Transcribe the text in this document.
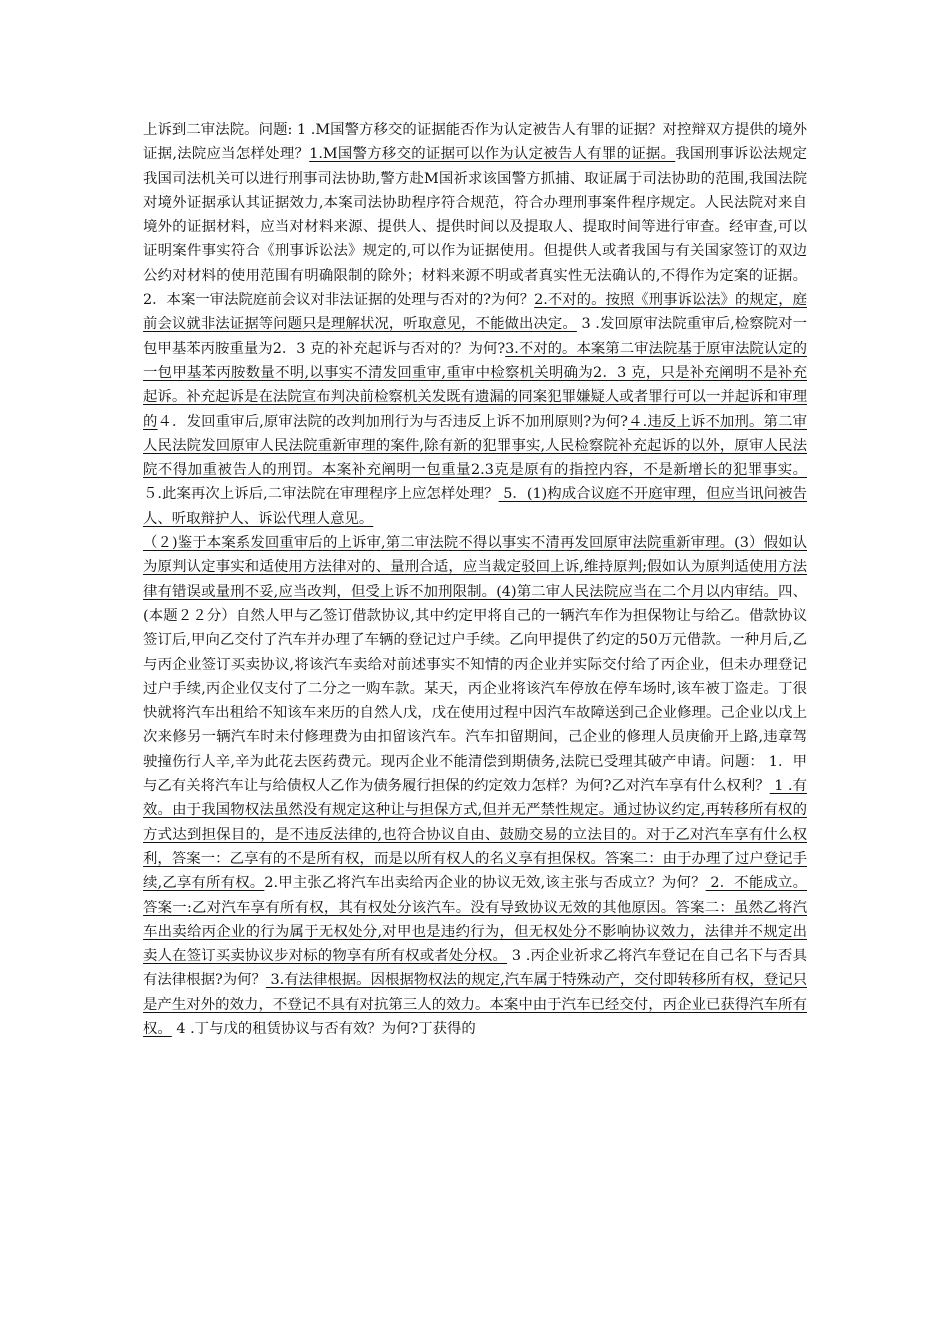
上诉到二审法院。问题: 1 .M国警方移交的证据能否作为认定被告人有罪的证据？对控辩双方提供的境外证据,法院应当怎样处理？1.M国警方移交的证据可以作为认定被告人有罪的证据。我国刑事诉讼法规定我国司法机关可以进行刑事司法协助,警方赴M国祈求该国警方抓捕、取证属于司法协助的范围,我国法院对境外证据承认其证据效力,本案司法协助程序符合规范，符合办理刑事案件程序规定。人民法院对来自境外的证据材料，应当对材料来源、提供人、提供时间以及提取人、提取时间等进行审查。经审查,可以证明案件事实符合《刑事诉讼法》规定的,可以作为证据使用。但提供人或者我国与有关国家签订的双边公约对材料的使用范围有明确限制的除外；材料来源不明或者真实性无法确认的,不得作为定案的证据。2．本案一审法院庭前会议对非法证据的处理与否对的?为何？2.不对的。按照《刑事诉讼法》的规定，庭前会议就非法证据等问题只是理解状况，听取意见，不能做出决定。 3 .发回原审法院重审后,检察院对一包甲基苯丙胺重量为2．3 克的补充起诉与否对的？为何?3.不对的。本案第二审法院基于原审法院认定的一包甲基苯丙胺数量不明,以事实不清发回重审,重审中检察机关明确为2．3 克，只是补充阐明不是补充起诉。补充起诉是在法院宣布判决前检察机关发既有遗漏的同案犯罪嫌疑人或者罪行可以一并起诉和审理的４．发回重审后,原审法院的改判加刑行为与否违反上诉不加刑原则?为何?４.违反上诉不加刑。第二审人民法院发回原审人民法院重新审理的案件,除有新的犯罪事实,人民检察院补充起诉的以外，原审人民法院不得加重被告人的刑罚。本案补充阐明一包重量2.3克是原有的指控内容，不是新增长的犯罪事实。 ５.此案再次上诉后,二审法院在审理程序上应怎样处理？ 5．(1)构成合议庭不开庭审理，但应当讯问被告人、听取辩护人、诉讼代理人意见。

（２)鉴于本案系发回重审后的上诉审,第二审法院不得以事实不清再发回原审法院重新审理。(3）假如认为原判认定事实和适使用方法律对的、量刑合适，应当裁定驳回上诉,维持原判;假如认为原判适使用方法律有错误或量刑不妥,应当改判，但受上诉不加刑限制。(4)第二审人民法院应当在二个月以内审结。四、(本题２２分）自然人甲与乙签订借款协议,其中约定甲将自己的一辆汽车作为担保物让与给乙。借款协议签订后,甲向乙交付了汽车并办理了车辆的登记过户手续。乙向甲提供了约定的50万元借款。一种月后,乙与丙企业签订买卖协议,将该汽车卖给对前述事实不知情的丙企业并实际交付给了丙企业，但未办理登记过户手续,丙企业仅支付了二分之一购车款。某天，丙企业将该汽车停放在停车场时,该车被丁盗走。丁很快就将汽车出租给不知该车来历的自然人戊，戊在使用过程中因汽车故障送到己企业修理。己企业以戊上次来修另一辆汽车时未付修理费为由扣留该汽车。汽车扣留期间，己企业的修理人员庚偷开上路,违章驾驶撞伤行人辛,辛为此花去医药费元。现丙企业不能清偿到期债务,法院已受理其破产申请。问题： 1．甲与乙有关将汽车让与给债权人乙作为债务履行担保的约定效力怎样？为何?乙对汽车享有什么权利？ 1 .有效。由于我国物权法虽然没有规定这种让与担保方式,但并无严禁性规定。通过协议约定,再转移所有权的方式达到担保目的，是不违反法律的,也符合协议自由、鼓励交易的立法目的。对于乙对汽车享有什么权利，答案一：乙享有的不是所有权，而是以所有权人的名义享有担保权。答案二：由于办理了过户登记手续,乙享有所有权。2.甲主张乙将汽车出卖给丙企业的协议无效,该主张与否成立？为何？ 2．不能成立。答案一:乙对汽车享有所有权，其有权处分该汽车。没有导致协议无效的其他原因。答案二：虽然乙将汽车出卖给丙企业的行为属于无权处分,对甲也是违约行为，但无权处分不影响协议效力，法律并不规定出卖人在签订买卖协议步对标的物享有所有权或者处分权。 3 .丙企业祈求乙将汽车登记在自己名下与否具有法律根据?为何？ 3.有法律根据。因根据物权法的规定,汽车属于特殊动产，交付即转移所有权，登记只是产生对外的效力，不登记不具有对抗第三人的效力。本案中由于汽车已经交付，丙企业已获得汽车所有权。 4 .丁与戊的租赁协议与否有效？为何?丁获得的
